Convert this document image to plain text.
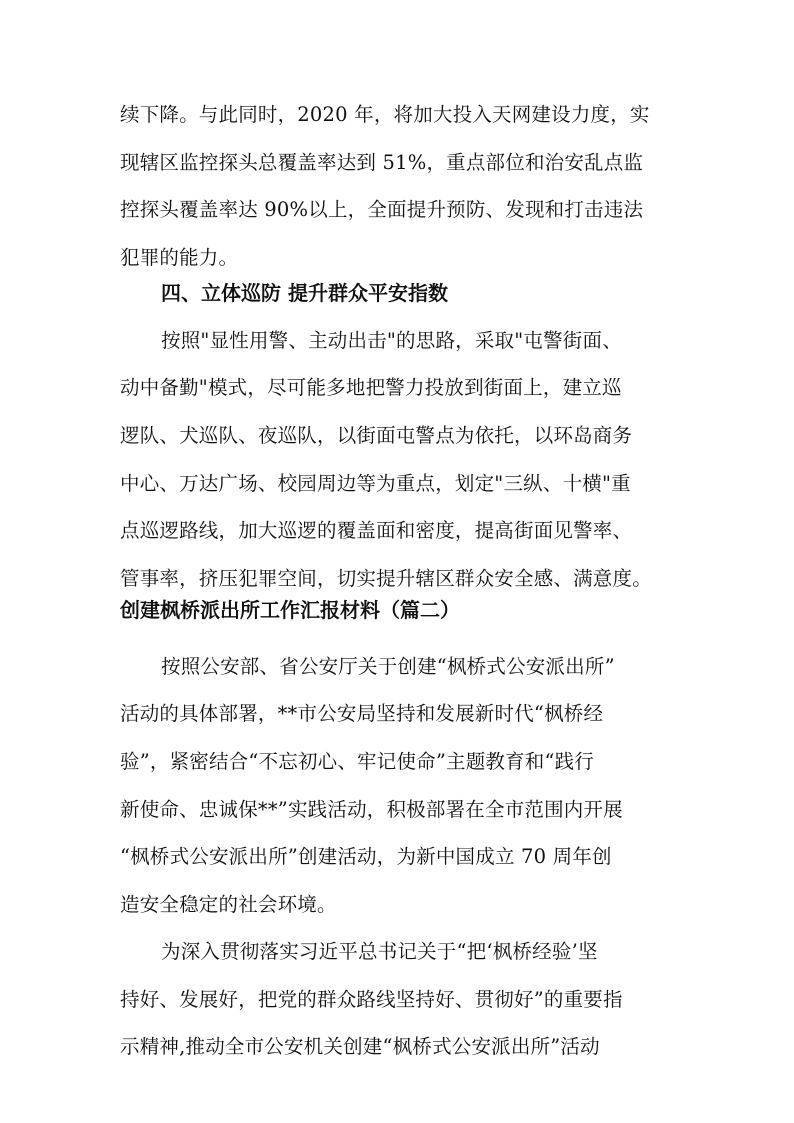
续下降。与此同时，2020 年，将加大投入天网建设力度，实
现辖区监控探头总覆盖率达到 51%，重点部位和治安乱点监
控探头覆盖率达 90%以上，全面提升预防、发现和打击违法
犯罪的能力。
四、立体巡防 提升群众平安指数
按照"显性用警、主动出击"的思路，采取"屯警街面、
动中备勤"模式，尽可能多地把警力投放到街面上，建立巡
逻队、犬巡队、夜巡队，以街面屯警点为依托，以环岛商务
中心、万达广场、校园周边等为重点，划定"三纵、十横"重
点巡逻路线，加大巡逻的覆盖面和密度，提高街面见警率、
管事率，挤压犯罪空间，切实提升辖区群众安全感、满意度。
创建枫桥派出所工作汇报材料（篇二）
按照公安部、省公安厅关于创建“枫桥式公安派出所”
活动的具体部署，**市公安局坚持和发展新时代“枫桥经
验”，紧密结合“不忘初心、牢记使命”主题教育和“践行
新使命、忠诚保**”实践活动，积极部署在全市范围内开展
“枫桥式公安派出所”创建活动，为新中国成立 70 周年创
造安全稳定的社会环境。
为深入贯彻落实习近平总书记关于“把‘枫桥经验’坚
持好、发展好，把党的群众路线坚持好、贯彻好”的重要指
示精神,推动全市公安机关创建“枫桥式公安派出所”活动
